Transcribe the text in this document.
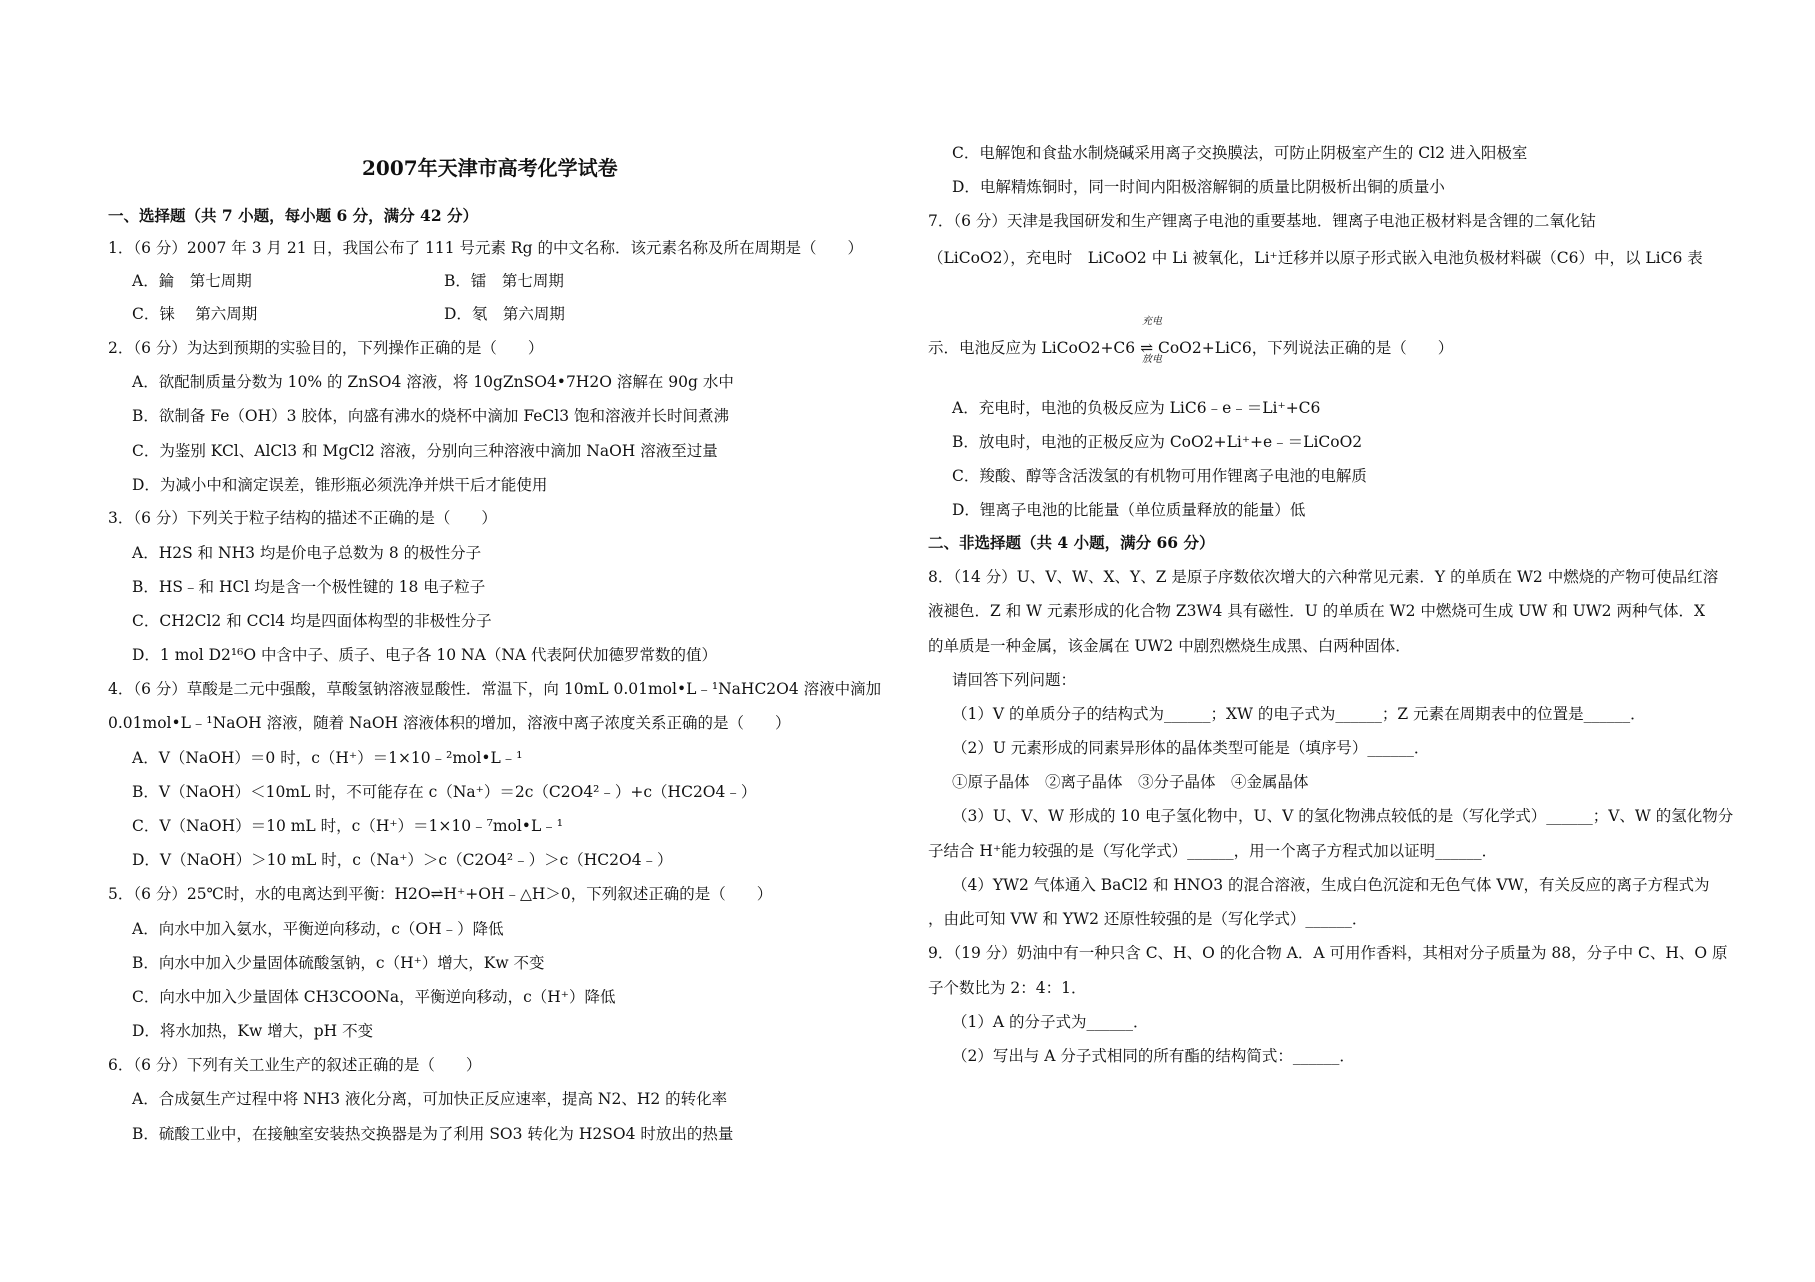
2007年天津市高考化学试卷
B．镭　第七周期
D．氡　第六周期
一、选择题（共 7 小题，每小题 6 分，满分 42 分）
1．（6 分）2007 年 3 月 21 日，我国公布了 111 号元素 Rg 的中文名称．该元素名称及所在周期是（　　）
A．錀　第七周期
C．铼　 第六周期
2．（6 分）为达到预期的实验目的，下列操作正确的是（　　）
A．欲配制质量分数为 10% 的 ZnSO4 溶液，将 10gZnSO4•7H2O 溶解在 90g 水中
B．欲制备 Fe（OH）3 胶体，向盛有沸水的烧杯中滴加 FeCl3 饱和溶液并长时间煮沸
C．为鉴别 KCl、AlCl3 和 MgCl2 溶液，分别向三种溶液中滴加 NaOH 溶液至过量
D．为减小中和滴定误差，锥形瓶必须洗净并烘干后才能使用
3．（6 分）下列关于粒子结构的描述不正确的是（　　）
A．H2S 和 NH3 均是价电子总数为 8 的极性分子
B．HS﹣和 HCl 均是含一个极性键的 18 电子粒子
C．CH2Cl2 和 CCl4 均是四面体构型的非极性分子
D．1 mol D2¹⁶O 中含中子、质子、电子各 10 NA（NA 代表阿伏加德罗常数的值）
4．（6 分）草酸是二元中强酸，草酸氢钠溶液显酸性．常温下，向 10mL 0.01mol•L﹣¹NaHC2O4 溶液中滴加
0.01mol•L﹣¹NaOH 溶液，随着 NaOH 溶液体积的增加，溶液中离子浓度关系正确的是（　　）
A．V（NaOH）＝0 时，c（H⁺）＝1×10﹣²mol•L﹣¹
B．V（NaOH）＜10mL 时，不可能存在 c（Na⁺）＝2c（C2O4²﹣）+c（HC2O4﹣）
C．V（NaOH）＝10 mL 时，c（H⁺）＝1×10﹣⁷mol•L﹣¹
D．V（NaOH）＞10 mL 时，c（Na⁺）＞c（C2O4²﹣）＞c（HC2O4﹣）
5．（6 分）25℃时，水的电离达到平衡：H2O⇌H⁺+OH﹣△H＞0，下列叙述正确的是（　　）
A．向水中加入氨水，平衡逆向移动，c（OH﹣）降低
B．向水中加入少量固体硫酸氢钠，c（H⁺）增大，Kw 不变
C．向水中加入少量固体 CH3COONa，平衡逆向移动，c（H⁺）降低
D．将水加热，Kw 增大，pH 不变
6．（6 分）下列有关工业生产的叙述正确的是（　　）
A．合成氨生产过程中将 NH3 液化分离，可加快正反应速率，提高 N2、H2 的转化率
B．硫酸工业中，在接触室安装热交换器是为了利用 SO3 转化为 H2SO4 时放出的热量
充电
放电
C．电解饱和食盐水制烧碱采用离子交换膜法，可防止阴极室产生的 Cl2 进入阳极室
D．电解精炼铜时，同一时间内阳极溶解铜的质量比阴极析出铜的质量小
7．（6 分）天津是我国研发和生产锂离子电池的重要基地．锂离子电池正极材料是含锂的二氧化钴
（LiCoO2），充电时　LiCoO2 中 Li 被氧化，Li⁺迁移并以原子形式嵌入电池负极材料碳（C6）中，以 LiC6 表
示．电池反应为 LiCoO2+C6 ⇌ CoO2+LiC6，下列说法正确的是（　　）
A．充电时，电池的负极反应为 LiC6﹣e﹣＝Li⁺+C6
B．放电时，电池的正极反应为 CoO2+Li⁺+e﹣＝LiCoO2
C．羧酸、醇等含活泼氢的有机物可用作锂离子电池的电解质
D．锂离子电池的比能量（单位质量释放的能量）低
二、非选择题（共 4 小题，满分 66 分）
8．（14 分）U、V、W、X、Y、Z 是原子序数依次增大的六种常见元素．Y 的单质在 W2 中燃烧的产物可使品红溶
液褪色．Z 和 W 元素形成的化合物 Z3W4 具有磁性．U 的单质在 W2 中燃烧可生成 UW 和 UW2 两种气体．X
的单质是一种金属，该金属在 UW2 中剧烈燃烧生成黑、白两种固体．
请回答下列问题：
（1）V 的单质分子的结构式为______；XW 的电子式为______；Z 元素在周期表中的位置是______．
（2）U 元素形成的同素异形体的晶体类型可能是（填序号）______．
①原子晶体　②离子晶体　③分子晶体　④金属晶体
（3）U、V、W 形成的 10 电子氢化物中，U、V 的氢化物沸点较低的是（写化学式）______；V、W 的氢化物分
子结合 H⁺能力较强的是（写化学式）______，用一个离子方程式加以证明______．
（4）YW2 气体通入 BaCl2 和 HNO3 的混合溶液，生成白色沉淀和无色气体 VW，有关反应的离子方程式为
，由此可知 VW 和 YW2 还原性较强的是（写化学式）______．
9．（19 分）奶油中有一种只含 C、H、O 的化合物 A．A 可用作香料，其相对分子质量为 88，分子中 C、H、O 原
子个数比为 2：4：1．
（1）A 的分子式为______．
（2）写出与 A 分子式相同的所有酯的结构简式：______．
